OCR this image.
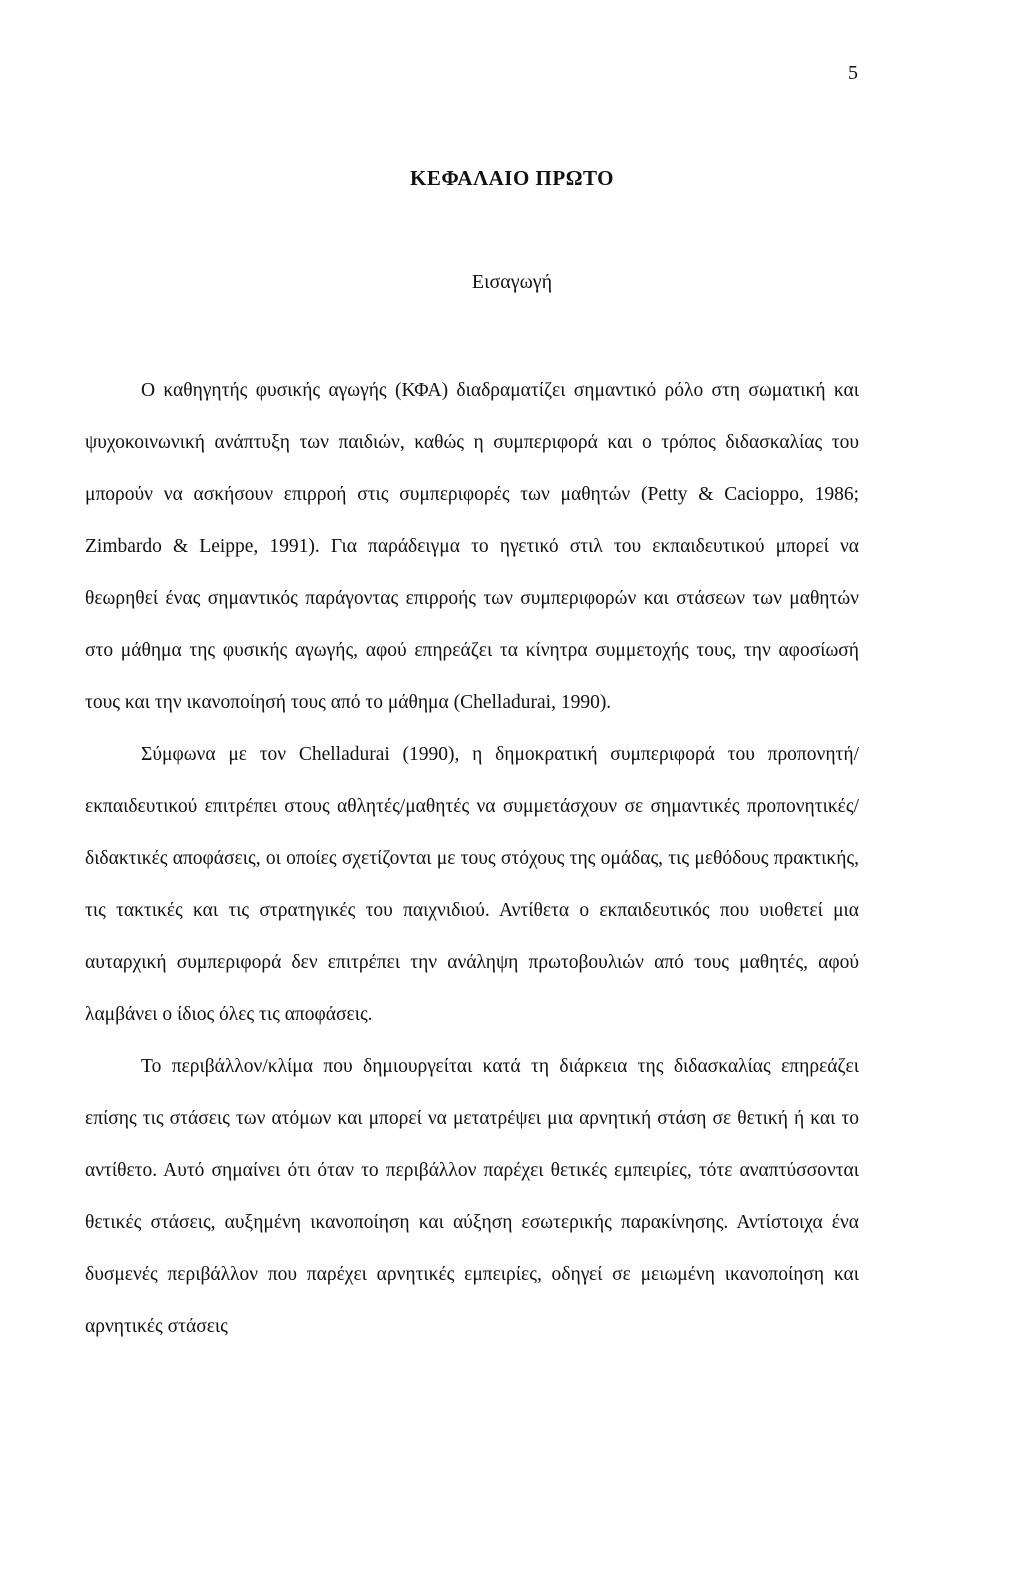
5
ΚΕΦΑΛΑΙΟ ΠΡΩΤΟ
Εισαγωγή

Ο καθηγητής φυσικής αγωγής (ΚΦΑ) διαδραματίζει σημαντικό ρόλο στη σωματική και ψυχοκοινωνική ανάπτυξη των παιδιών, καθώς η συμπεριφορά και ο τρόπος διδασκαλίας του μπορούν να ασκήσουν επιρροή στις συμπεριφορές των μαθητών (Petty & Cacioppo, 1986; Zimbardo & Leippe, 1991). Για παράδειγμα το ηγετικό στιλ του εκπαιδευτικού μπορεί να θεωρηθεί ένας σημαντικός παράγοντας επιρροής των συμπεριφορών και στάσεων των μαθητών στο μάθημα της φυσικής αγωγής, αφού επηρεάζει τα κίνητρα συμμετοχής τους, την αφοσίωσή τους και την ικανοποίησή τους από το μάθημα (Chelladurai, 1990).

Σύμφωνα με τον Chelladurai (1990), η δημοκρατική συμπεριφορά του προπονητή/εκπαιδευτικού επιτρέπει στους αθλητές/μαθητές να συμμετάσχουν σε σημαντικές προπονητικές/διδακτικές αποφάσεις, οι οποίες σχετίζονται με τους στόχους της ομάδας, τις μεθόδους πρακτικής, τις τακτικές και τις στρατηγικές του παιχνιδιού. Αντίθετα ο εκπαιδευτικός που υιοθετεί μια αυταρχική συμπεριφορά δεν επιτρέπει την ανάληψη πρωτοβουλιών από τους μαθητές, αφού λαμβάνει ο ίδιος όλες τις αποφάσεις.

Το περιβάλλον/κλίμα που δημιουργείται κατά τη διάρκεια της διδασκαλίας επηρεάζει επίσης τις στάσεις των ατόμων και μπορεί να μετατρέψει μια αρνητική στάση σε θετική ή και το αντίθετο. Αυτό σημαίνει ότι όταν το περιβάλλον παρέχει θετικές εμπειρίες, τότε αναπτύσσονται θετικές στάσεις, αυξημένη ικανοποίηση και αύξηση εσωτερικής παρακίνησης. Αντίστοιχα ένα δυσμενές περιβάλλον που παρέχει αρνητικές εμπειρίες, οδηγεί σε μειωμένη ικανοποίηση και αρνητικές στάσεις
